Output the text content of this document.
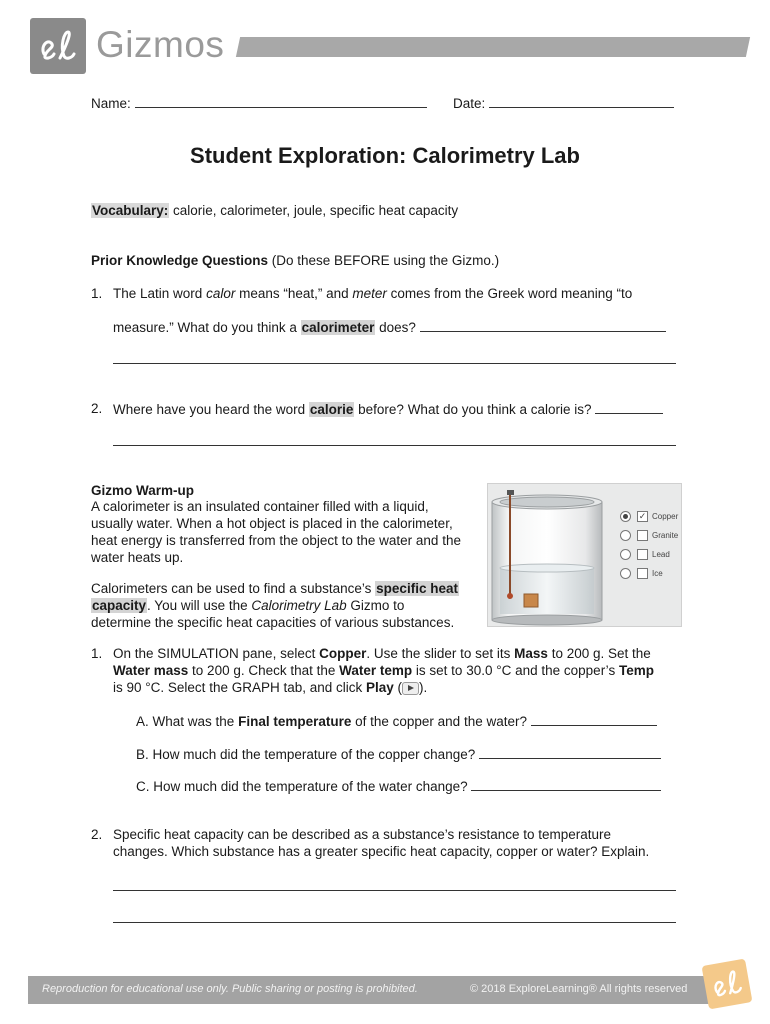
Gizmos
Name:	Date:
Student Exploration: Calorimetry Lab
Vocabulary: calorie, calorimeter, joule, specific heat capacity
Prior Knowledge Questions (Do these BEFORE using the Gizmo.)
1. The Latin word calor means “heat,” and meter comes from the Greek word meaning “to
measure.” What do you think a calorimeter does?
2. Where have you heard the word calorie before? What do you think a calorie is?
Gizmo Warm-up
A calorimeter is an insulated container filled with a liquid,
usually water. When a hot object is placed in the calorimeter,
heat energy is transferred from the object to the water and the
water heats up.
Calorimeters can be used to find a substance’s specific heat
capacity. You will use the Calorimetry Lab Gizmo to
determine the specific heat capacities of various substances.
✓ Copper
Granite
Lead
Ice
1. On the SIMULATION pane, select Copper. Use the slider to set its Mass to 200 g. Set the
Water mass to 200 g. Check that the Water temp is set to 30.0 °C and the copper’s Temp
is 90 °C. Select the GRAPH tab, and click Play ( ).
A. What was the Final temperature of the copper and the water?
B. How much did the temperature of the copper change?
C. How much did the temperature of the water change?
2. Specific heat capacity can be described as a substance’s resistance to temperature
changes. Which substance has a greater specific heat capacity, copper or water? Explain.
Reproduction for educational use only. Public sharing or posting is prohibited.	© 2018 ExploreLearning® All rights reserved
